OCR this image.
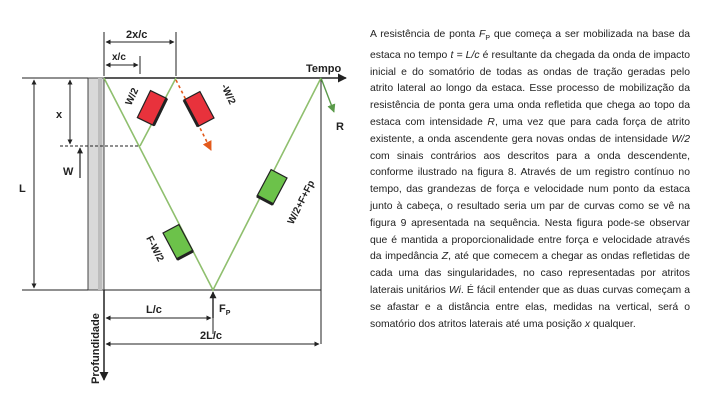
Tempo
R
2x/c
x/c
L
x
W
W/2	-W/2
W/2+F+Fp
F-W/2
$F_P$
L/c
2L/c
Profundidade

A resistência de ponta $F_P$ que começa a ser mobilizada na base da estaca no tempo t = L/c é resultante da chegada da onda de impacto inicial e do somatório de todas as ondas de tração geradas pelo atrito lateral ao longo da estaca. Esse processo de mobilização da resistência de ponta gera uma onda refletida que chega ao topo da estaca com intensidade R, uma vez que para cada força de atrito existente, a onda ascendente gera novas ondas de intensidade W/2 com sinais contrários aos descritos para a onda descendente, conforme ilustrado na figura 8. Através de um registro contínuo no tempo, das grandezas de força e velocidade num ponto da estaca junto à cabeça, o resultado seria um par de curvas como se vê na figura 9 apresentada na sequência. Nesta figura pode-se observar que é mantida a proporcionalidade entre força e velocidade através da impedância Z, até que comecem a chegar as ondas refletidas de cada uma das singularidades, no caso representadas por atritos laterais unitários Wi. É fácil entender que as duas curvas começam a se afastar e a distância entre elas, medidas na vertical, será o somatório dos atritos laterais até uma posição x qualquer.
